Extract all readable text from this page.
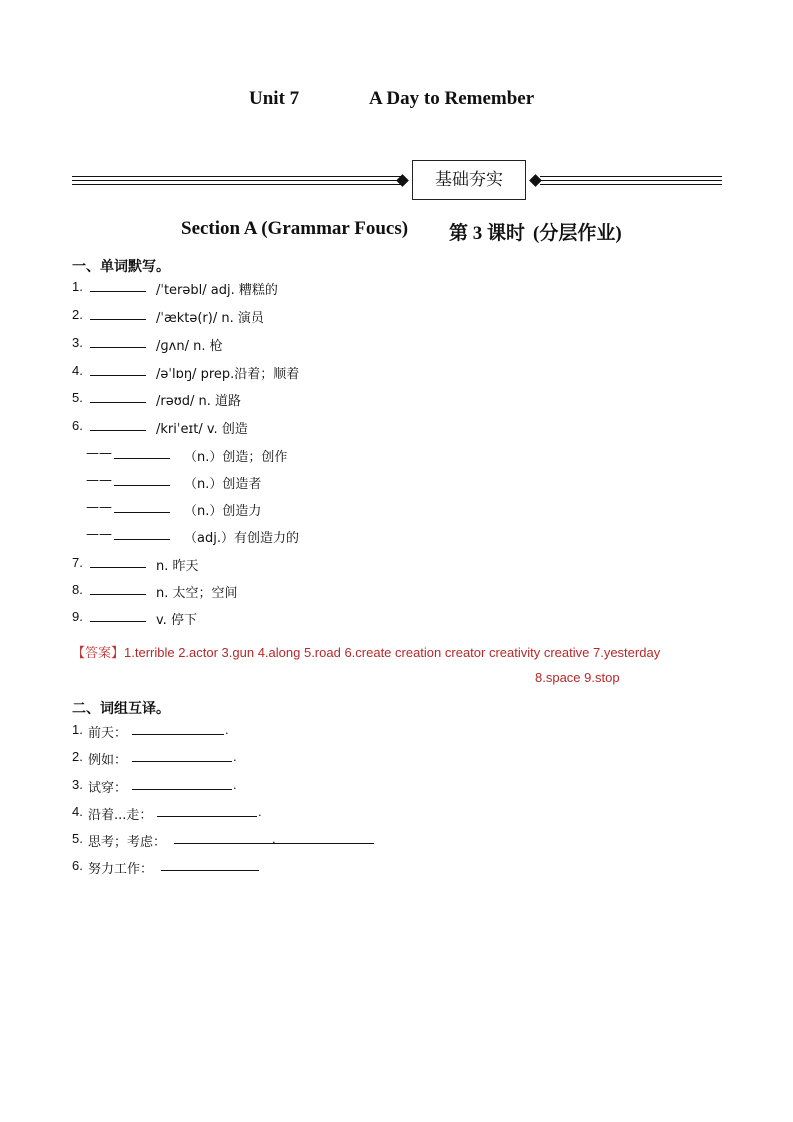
Unit 7	A Day to Remember
基础夯实
Section A (Grammar Foucs) 第 3 课时 (分层作业)
一、单词默写。
1.	/ˈterəbl/ adj. 糟糕的
2.	/ˈæktə(r)/ n. 演员
3.	/ɡʌn/ n. 枪
4.	/əˈlɒŋ/ prep.沿着；顺着
5.	/rəʊd/ n. 道路
6.	/kriˈeɪt/ v. 创造
——	（n.）创造；创作
——	（n.）创造者
——	（n.）创造力
——	（adj.）有创造力的
7.	n. 昨天
8.	n. 太空；空间
9.	v. 停下
【答案】1.terrible 2.actor 3.gun 4.along 5.road 6.create creation creator creativity creative 7.yesterday
8.space 9.stop
二、词组互译。
1. 前天：	.
2. 例如：	.
3. 试穿：	.
4. 沿着...走：	.
5. 思考；考虑：	.
6. 努力工作：
